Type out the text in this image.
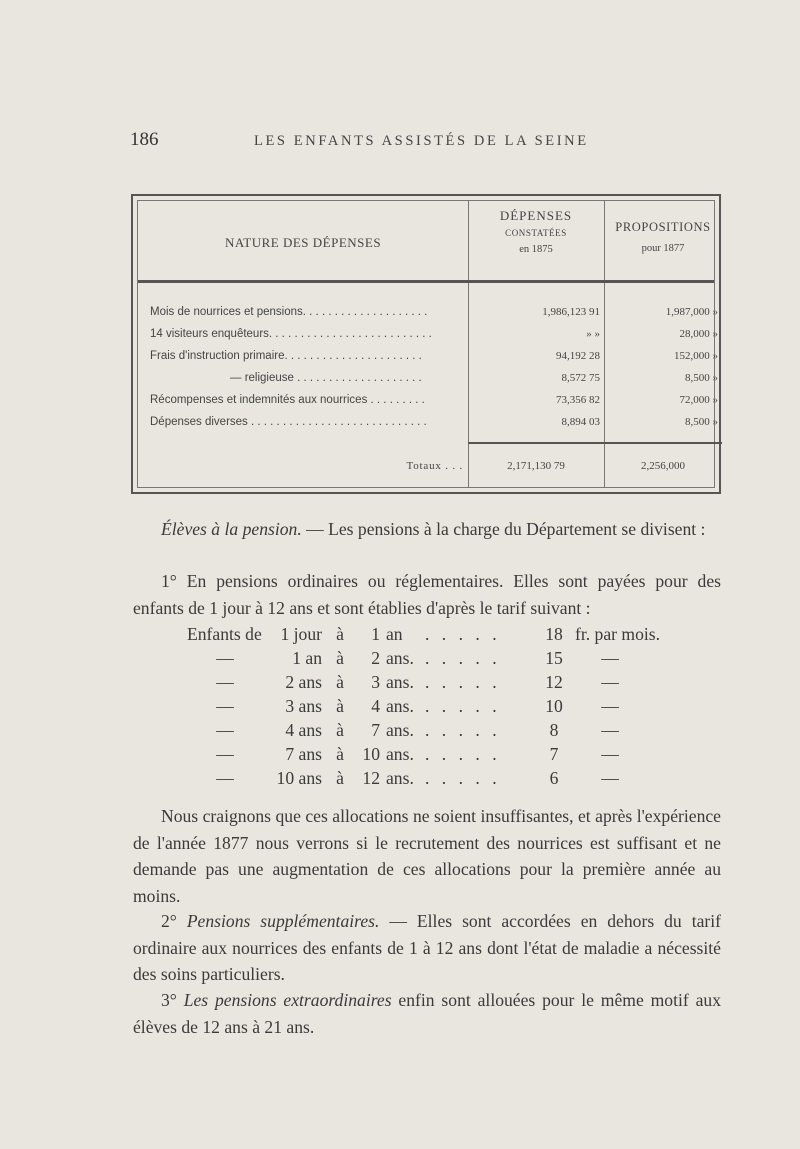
186	LES ENFANTS ASSISTÉS DE LA SEINE
NATURE DES DÉPENSES
DÉPENSES
CONSTATÉES
en 1875
PROPOSITIONS
pour 1877
Mois de nourrices et pensions. . . . . . . . . . . . . . . . . . . .	1,986,123 91	1,987,000 »
14 visiteurs enquêteurs. . . . . . . . . . . . . . . . . . . . . . . . . .	» »	28,000 »
Frais d'instruction primaire. . . . . . . . . . . . . . . . . . . . . .	94,192 28	152,000 »
— religieuse . . . . . . . . . . . . . . . . . . . .	8,572 75	8,500 »
Récompenses et indemnités aux nourrices . . . . . . . . .	73,356 82	72,000 »
Dépenses diverses . . . . . . . . . . . . . . . . . . . . . . . . . . . .	8,894 03	8,500 »
Totaux . . .	2,171,130 79	2,256,000

Élèves à la pension. — Les pensions à la charge du Département se divisent :

1° En pensions ordinaires ou réglementaires. Elles sont payées pour des enfants de 1 jour à 12 ans et sont établies d'après le tarif suivant :

Enfants de	1 jour à	1 an . . . . .	18 fr. par mois.
—	1 an à	2 ans. . . . . .	15	—
—	2 ans à	3 ans. . . . . .	12	—
—	3 ans à	4 ans. . . . . .	10	—
—	4 ans à	7 ans. . . . . .	8	—
—	7 ans à	10 ans. . . . . .	7	—
—	10 ans à	12 ans. . . . . .	6	—

Nous craignons que ces allocations ne soient insuffisantes, et après l'expérience de l'année 1877 nous verrons si le recrutement des nourrices est suffisant et ne demande pas une augmentation de ces allocations pour la première année au moins.

2° Pensions supplémentaires. — Elles sont accordées en dehors du tarif ordinaire aux nourrices des enfants de 1 à 12 ans dont l'état de maladie a nécessité des soins particuliers.

3° Les pensions extraordinaires enfin sont allouées pour le même motif aux élèves de 12 ans à 21 ans.
